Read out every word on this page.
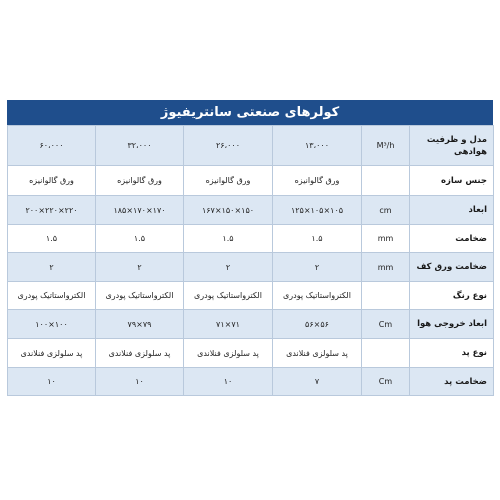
کولرهای صنعتی سانتریفیوژ
مدل و ظرفیت هوادهی	M³/h	۱۳،۰۰۰	۲۶،۰۰۰	۳۲،۰۰۰	۶۰،۰۰۰
جنس سازه		ورق گالوانیزه	ورق گالوانیزه	ورق گالوانیزه	ورق گالوانیزه
ابعاد	cm	۱۰۵×۱۰۵×۱۲۵	۱۵۰×۱۵۰×۱۶۷	۱۷۰×۱۷۰×۱۸۵	۲۲۰×۲۲۰×۲۰۰
ضخامت	mm	۱.۵	۱.۵	۱.۵	۱.۵
ضخامت ورق کف	mm	۲	۲	۲	۲
نوع رنگ		الکترواستاتیک پودری	الکترواستاتیک پودری	الکترواستاتیک پودری	الکترواستاتیک پودری
ابعاد خروجی هوا	Cm	۵۶×۵۶	۷۱×۷۱	۷۹×۷۹	۱۰۰×۱۰۰
نوع پد		پد سلولزی فنلاندی	پد سلولزی فنلاندی	پد سلولزی فنلاندی	پد سلولزی فنلاندی
ضخامت پد	Cm	۷	۱۰	۱۰	۱۰
